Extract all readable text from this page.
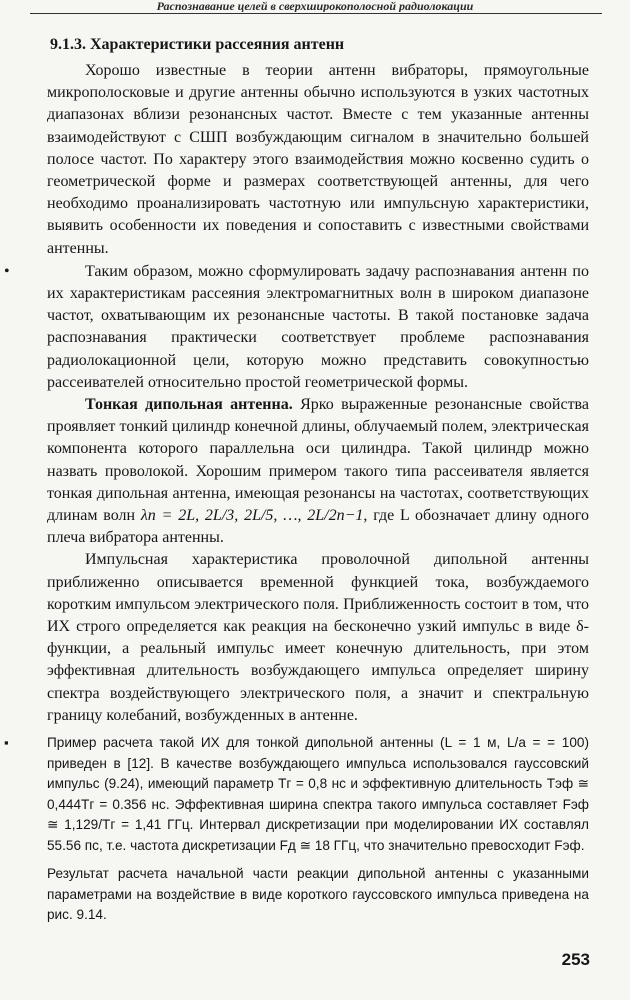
Распознавание целей в сверхширокополосной радиолокации
9.1.3. Характеристики рассеяния антенн

Хорошо известные в теории антенн вибраторы, прямоугольные микрополосковые и другие антенны обычно используются в узких частотных диапазонах вблизи резонансных частот. Вместе с тем указанные антенны взаимодействуют с СШП возбуждающим сигналом в значительно большей полосе частот. По характеру этого взаимодействия можно косвенно судить о геометрической форме и размерах соответствующей антенны, для чего необходимо проанализировать частотную или импульсную характеристики, выявить особенности их поведения и сопоставить с известными свойствами антенны.

•	Таким образом, можно сформулировать задачу распознавания антенн по их характеристикам рассеяния электромагнитных волн в широком диапазоне частот, охватывающим их резонансные частоты. В такой постановке задача распознавания практически соответствует проблеме распознавания радиолокационной цели, которую можно представить совокупностью рассеивателей относительно простой геометрической формы.

Тонкая дипольная антенна. Ярко выраженные резонансные свойства проявляет тонкий цилиндр конечной длины, облучаемый полем, электрическая компонента которого параллельна оси цилиндра. Такой цилиндр можно назвать проволокой. Хорошим примером такого типа рассеивателя является тонкая дипольная антенна, имеющая резонансы на частотах, соответствующих длинам волн λn = 2L, 2L/3, 2L/5, …, 2L/2n−1, где L обозначает длину одного плеча вибратора антенны.

Импульсная характеристика проволочной дипольной антенны приближенно описывается временной функцией тока, возбуждаемого коротким импульсом электрического поля. Приближенность состоит в том, что ИХ строго определяется как реакция на бесконечно узкий импульс в виде δ-функции, а реальный импульс имеет конечную длительность, при этом эффективная длительность возбуждающего импульса определяет ширину спектра воздействующего электрического поля, а значит и спектральную границу колебаний, возбужденных в антенне.

▪	Пример расчета такой ИХ для тонкой дипольной антенны (L = 1 м, L/a = = 100) приведен в [12]. В качестве возбуждающего импульса использовался гауссовский импульс (9.24), имеющий параметр Tг = 0,8 нс и эффективную длительность Tэф ≅ 0,444Tг = 0.356 нс. Эффективная ширина спектра такого импульса составляет Fэф ≅ 1,129/Tг = 1,41 ГГц. Интервал дискретизации при моделировании ИХ составлял 55.56 пс, т.е. частота дискретизации Fд ≅ 18 ГГц, что значительно превосходит Fэф.

Результат расчета начальной части реакции дипольной антенны с указанными параметрами на воздействие в виде короткого гауссовского импульса приведена на рис. 9.14.

253
